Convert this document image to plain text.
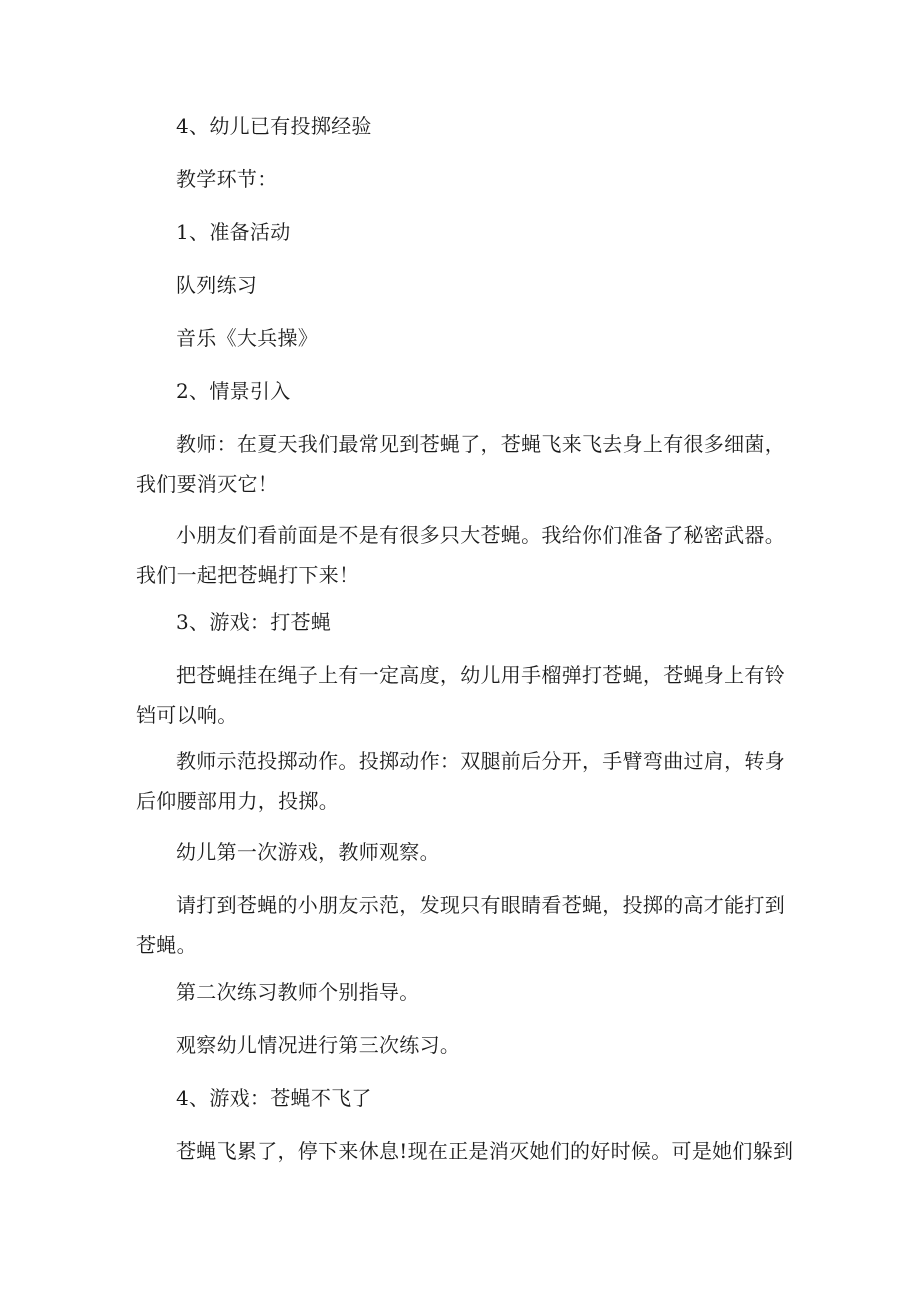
4、幼儿已有投掷经验

教学环节：

1、准备活动

队列练习

音乐《大兵操》

2、情景引入

教师：在夏天我们最常见到苍蝇了，苍蝇飞来飞去身上有很多细菌，我们要消灭它！

小朋友们看前面是不是有很多只大苍蝇。我给你们准备了秘密武器。我们一起把苍蝇打下来！

3、游戏：打苍蝇

把苍蝇挂在绳子上有一定高度，幼儿用手榴弹打苍蝇，苍蝇身上有铃铛可以响。

教师示范投掷动作。投掷动作：双腿前后分开，手臂弯曲过肩，转身后仰腰部用力，投掷。

幼儿第一次游戏，教师观察。

请打到苍蝇的小朋友示范，发现只有眼睛看苍蝇，投掷的高才能打到苍蝇。

第二次练习教师个别指导。

观察幼儿情况进行第三次练习。

4、游戏：苍蝇不飞了

苍蝇飞累了，停下来休息!现在正是消灭她们的好时候。可是她们躲到
